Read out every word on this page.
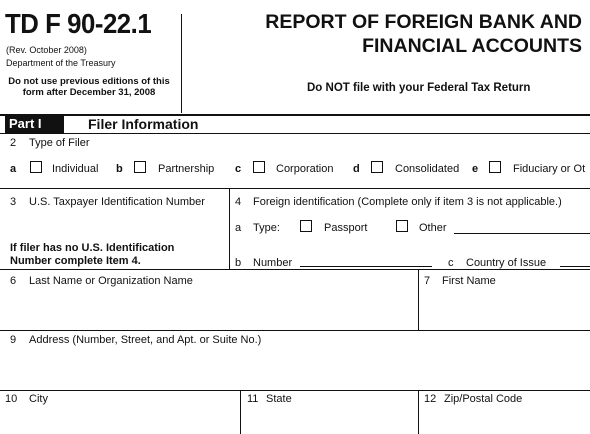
TD F 90-22.1
(Rev. October 2008)
Department of the Treasury
Do not use previous editions of this form after December 31, 2008
REPORT OF FOREIGN BANK AND FINANCIAL ACCOUNTS
Do NOT file with your Federal Tax Return
Part I	Filer Information
2 Type of Filer
a	Individual b	Partnership c	Corporation d	Consolidated e	Fiduciary or Ot
3 U.S. Taxpayer Identification Number
If filer has no U.S. Identification Number complete Item 4.
4 Foreign identification (Complete only if item 3 is not applicable.)
a Type:	Passport	Other
b Number	c Country of Issue
6 Last Name or Organization Name	7 First Name
9 Address (Number, Street, and Apt. or Suite No.)
10 City	11 State	12 Zip/Postal Code
